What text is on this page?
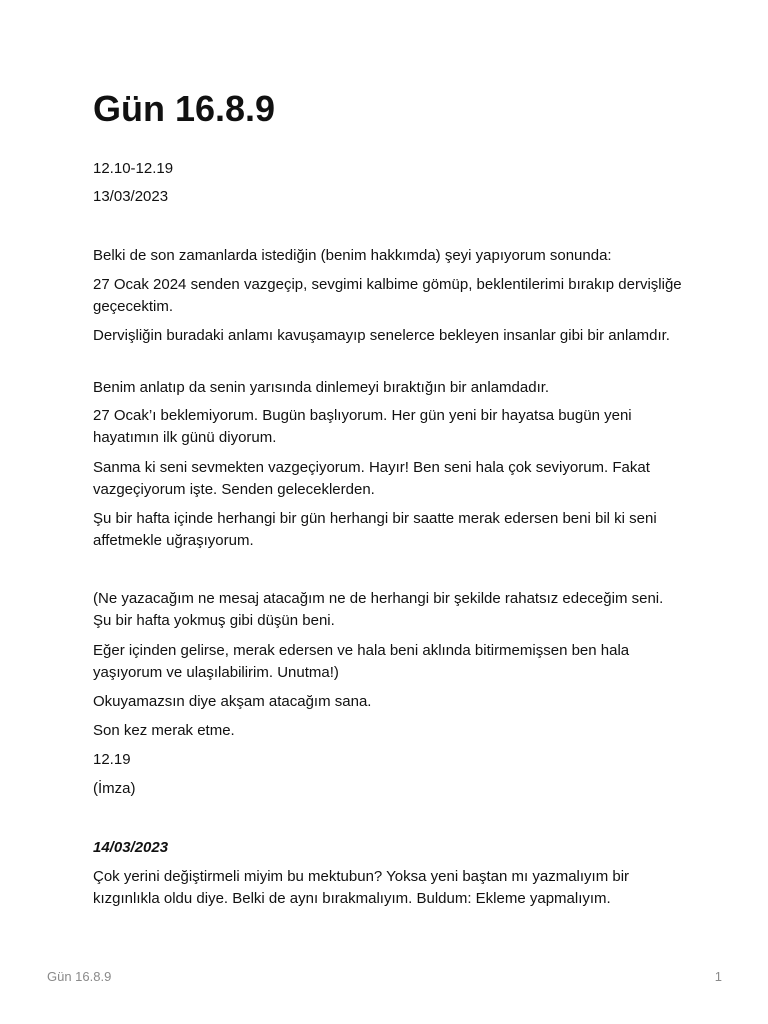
Gün 16.8.9

12.10-12.19

13/03/2023

Belki de son zamanlarda istediğin (benim hakkımda) şeyi yapıyorum sonunda:

27 Ocak 2024 senden vazgeçip, sevgimi kalbime gömüp, beklentilerimi bırakıp dervişliğe geçecektim.

Dervişliğin buradaki anlamı kavuşamayıp senelerce bekleyen insanlar gibi bir anlamdır.

Benim anlatıp da senin yarısında dinlemeyi bıraktığın bir anlamdadır.

27 Ocak’ı beklemiyorum. Bugün başlıyorum. Her gün yeni bir hayatsa bugün yeni hayatımın ilk günü diyorum.

Sanma ki seni sevmekten vazgeçiyorum. Hayır! Ben seni hala çok seviyorum. Fakat vazgeçiyorum işte. Senden geleceklerden.

Şu bir hafta içinde herhangi bir gün herhangi bir saatte merak edersen beni bil ki seni affetmekle uğraşıyorum.

(Ne yazacağım ne mesaj atacağım ne de herhangi bir şekilde rahatsız edeceğim seni. Şu bir hafta yokmuş gibi düşün beni.

Eğer içinden gelirse, merak edersen ve hala beni aklında bitirmemişsen ben hala yaşıyorum ve ulaşılabilirim. Unutma!)

Okuyamazsın diye akşam atacağım sana.

Son kez merak etme.

12.19

(İmza)

14/03/2023

Çok yerini değiştirmeli miyim bu mektubun? Yoksa yeni baştan mı yazmalıyım bir kızgınlıkla oldu diye. Belki de aynı bırakmalıyım. Buldum: Ekleme yapmalıyım.

Gün 16.8.9	1
